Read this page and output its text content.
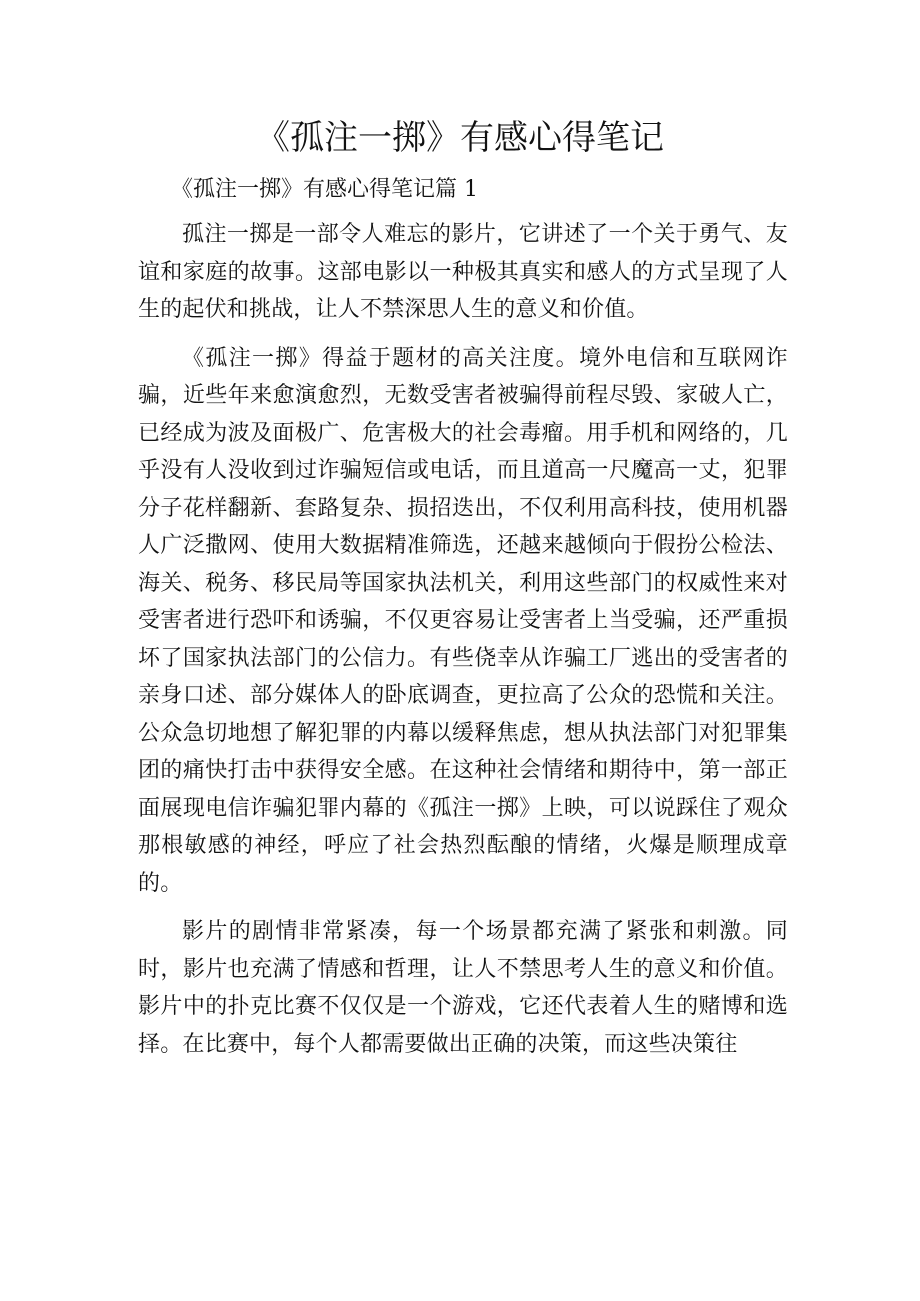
《孤注一掷》有感心得笔记
《孤注一掷》有感心得笔记篇 1

孤注一掷是一部令人难忘的影片，它讲述了一个关于勇气、友谊和家庭的故事。这部电影以一种极其真实和感人的方式呈现了人生的起伏和挑战，让人不禁深思人生的意义和价值。

《孤注一掷》得益于题材的高关注度。境外电信和互联网诈骗，近些年来愈演愈烈，无数受害者被骗得前程尽毁、家破人亡，已经成为波及面极广、危害极大的社会毒瘤。用手机和网络的，几乎没有人没收到过诈骗短信或电话，而且道高一尺魔高一丈，犯罪分子花样翻新、套路复杂、损招迭出，不仅利用高科技，使用机器人广泛撒网、使用大数据精准筛选，还越来越倾向于假扮公检法、海关、税务、移民局等国家执法机关，利用这些部门的权威性来对受害者进行恐吓和诱骗，不仅更容易让受害者上当受骗，还严重损坏了国家执法部门的公信力。有些侥幸从诈骗工厂逃出的受害者的亲身口述、部分媒体人的卧底调查，更拉高了公众的恐慌和关注。公众急切地想了解犯罪的内幕以缓释焦虑，想从执法部门对犯罪集团的痛快打击中获得安全感。在这种社会情绪和期待中，第一部正面展现电信诈骗犯罪内幕的《孤注一掷》上映，可以说踩住了观众那根敏感的神经，呼应了社会热烈酝酿的情绪，火爆是顺理成章的。

影片的剧情非常紧凑，每一个场景都充满了紧张和刺激。同时，影片也充满了情感和哲理，让人不禁思考人生的意义和价值。影片中的扑克比赛不仅仅是一个游戏，它还代表着人生的赌博和选择。在比赛中，每个人都需要做出正确的决策，而这些决策往
